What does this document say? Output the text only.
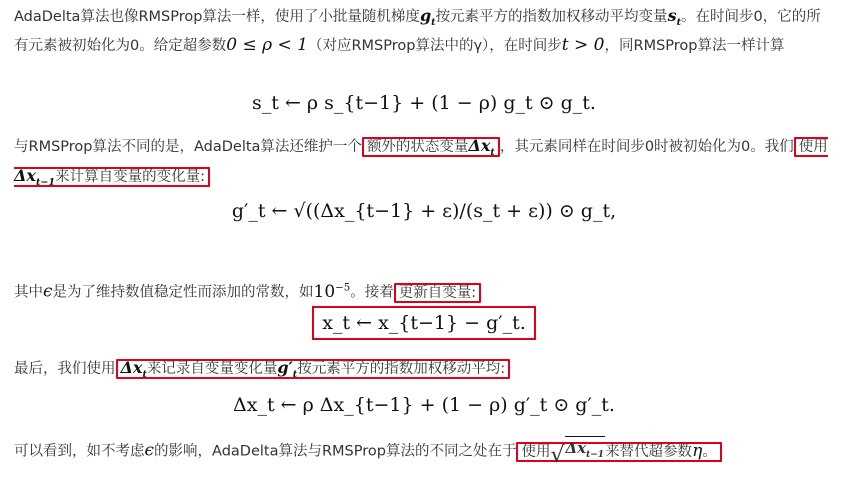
AdaDelta算法也像RMSProp算法一样，使用了小批量随机梯度$g_t$按元素平方的指数加权移动平均变量$s_t$。在时间步0，它的所有元素被初始化为0。给定超参数0 ≤ ρ < 1（对应RMSProp算法中的γ），在时间步t > 0，同RMSProp算法一样计算
s_t ← ρ s_{t−1} + (1 − ρ) g_t ⊙ g_t.
与RMSProp算法不同的是，AdaDelta算法还维护一个 额外的状态变量$\Delta x_t$ ，其元素同样在时间步0时被初始化为0。我们 使用$\Delta x_{t-1}$来计算自变量的变化量:
g′_t ← √((Δx_{t−1} + ε)/(s_t + ε)) ⊙ g_t,
其中ϵ是为了维持数值稳定性而添加的常数，如$10^{-5}$。接着 更新自变量:
x_t ← x_{t−1} − g′_t.
最后，我们使用 $\Delta x_t$来记录自变量变化量$g'_t$按元素平方的指数加权移动平均:
Δx_t ← ρ Δx_{t−1} + (1 − ρ) g′_t ⊙ g′_t.
可以看到，如不考虑ϵ的影响，AdaDelta算法与RMSProp算法的不同之处在于 使用 √ $\Delta x_{t-1}$ 来替代超参数η。
